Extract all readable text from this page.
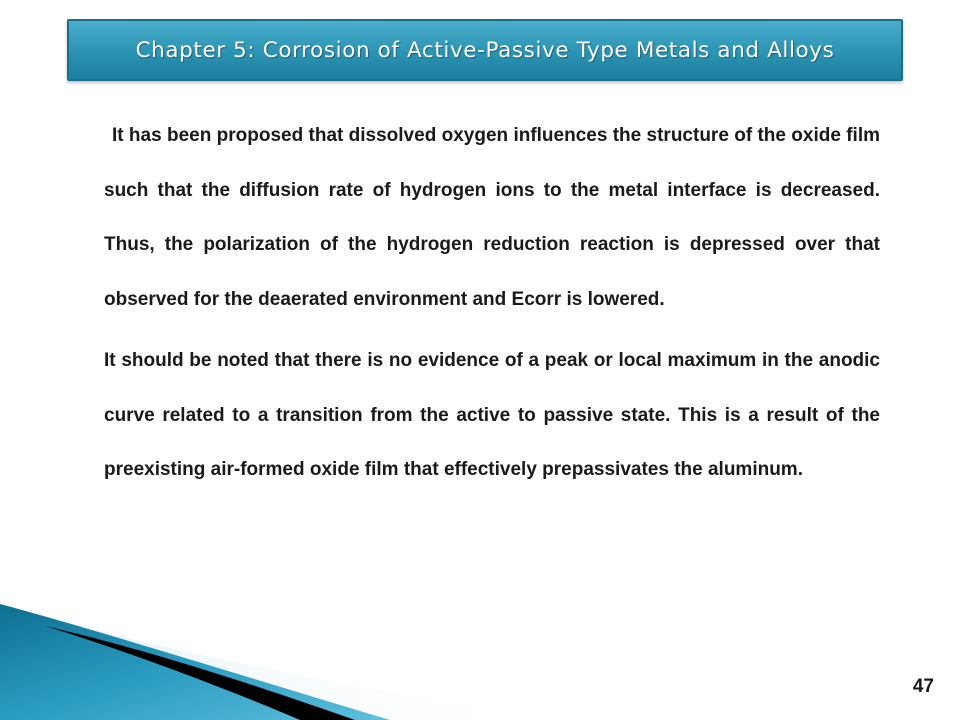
Chapter 5: Corrosion of Active-Passive Type Metals and Alloys

It has been proposed that dissolved oxygen influences the structure of the oxide film such that the diffusion rate of hydrogen ions to the metal interface is decreased. Thus, the polarization of the hydrogen reduction reaction is depressed over that observed for the deaerated environment and Ecorr is lowered.

It should be noted that there is no evidence of a peak or local maximum in the anodic curve related to a transition from the active to passive state. This is a result of the preexisting air-formed oxide film that effectively prepassivates the aluminum.

47
